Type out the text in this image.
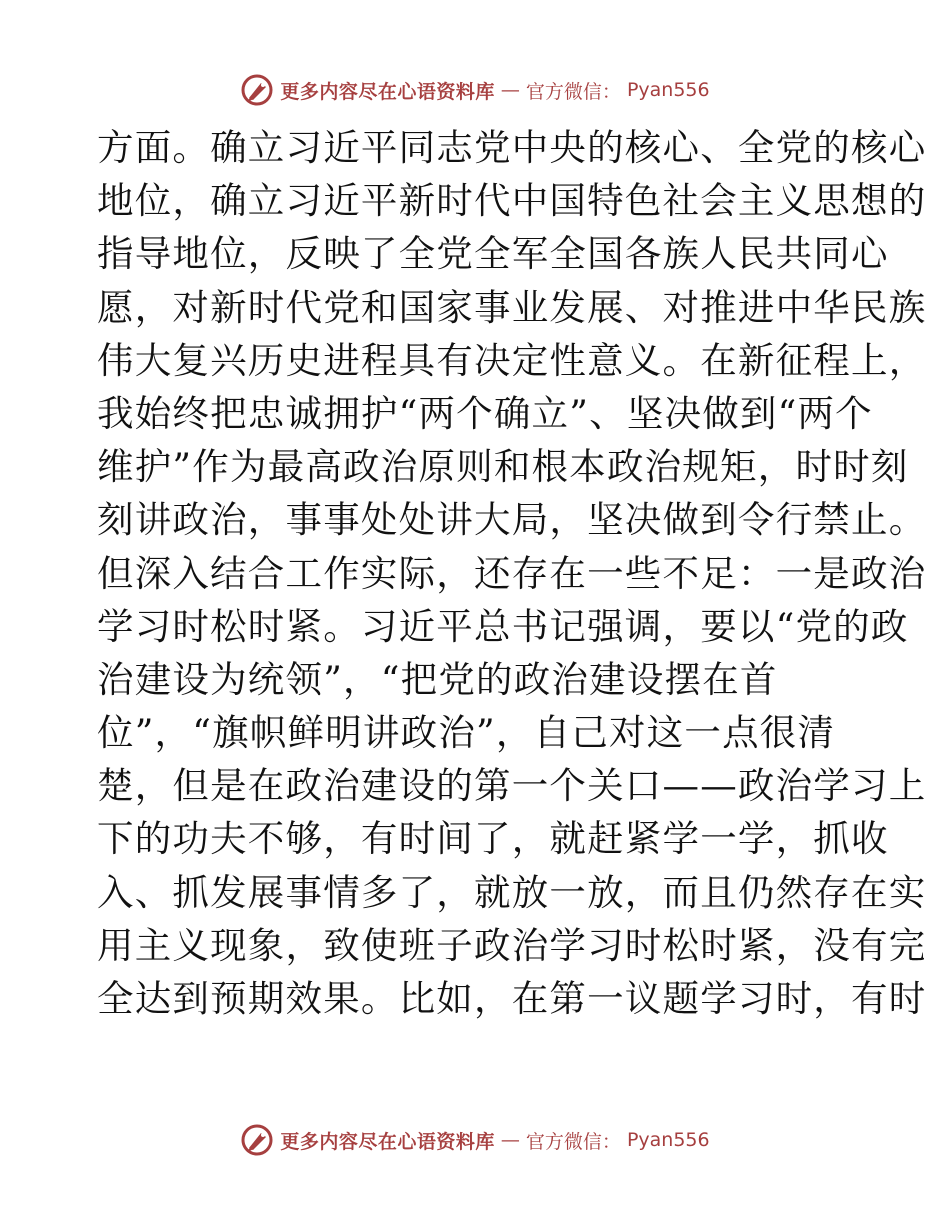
更多内容尽在心语资料库 — 官方微信： Pyan556
方面。确立习近平同志党中央的核心、全党的核心
地位，确立习近平新时代中国特色社会主义思想的
指导地位，反映了全党全军全国各族人民共同心
愿，对新时代党和国家事业发展、对推进中华民族
伟大复兴历史进程具有决定性意义。在新征程上，
我始终把忠诚拥护“两个确立”、坚决做到“两个
维护”作为最高政治原则和根本政治规矩，时时刻
刻讲政治，事事处处讲大局，坚决做到令行禁止。
但深入结合工作实际，还存在一些不足：一是政治
学习时松时紧。习近平总书记强调，要以“党的政
治建设为统领”，“把党的政治建设摆在首
位”，“旗帜鲜明讲政治”，自己对这一点很清
楚，但是在政治建设的第一个关口——政治学习上
下的功夫不够，有时间了，就赶紧学一学，抓收
入、抓发展事情多了，就放一放，而且仍然存在实
用主义现象，致使班子政治学习时松时紧，没有完
全达到预期效果。比如，在第一议题学习时，有时
更多内容尽在心语资料库 — 官方微信： Pyan556
